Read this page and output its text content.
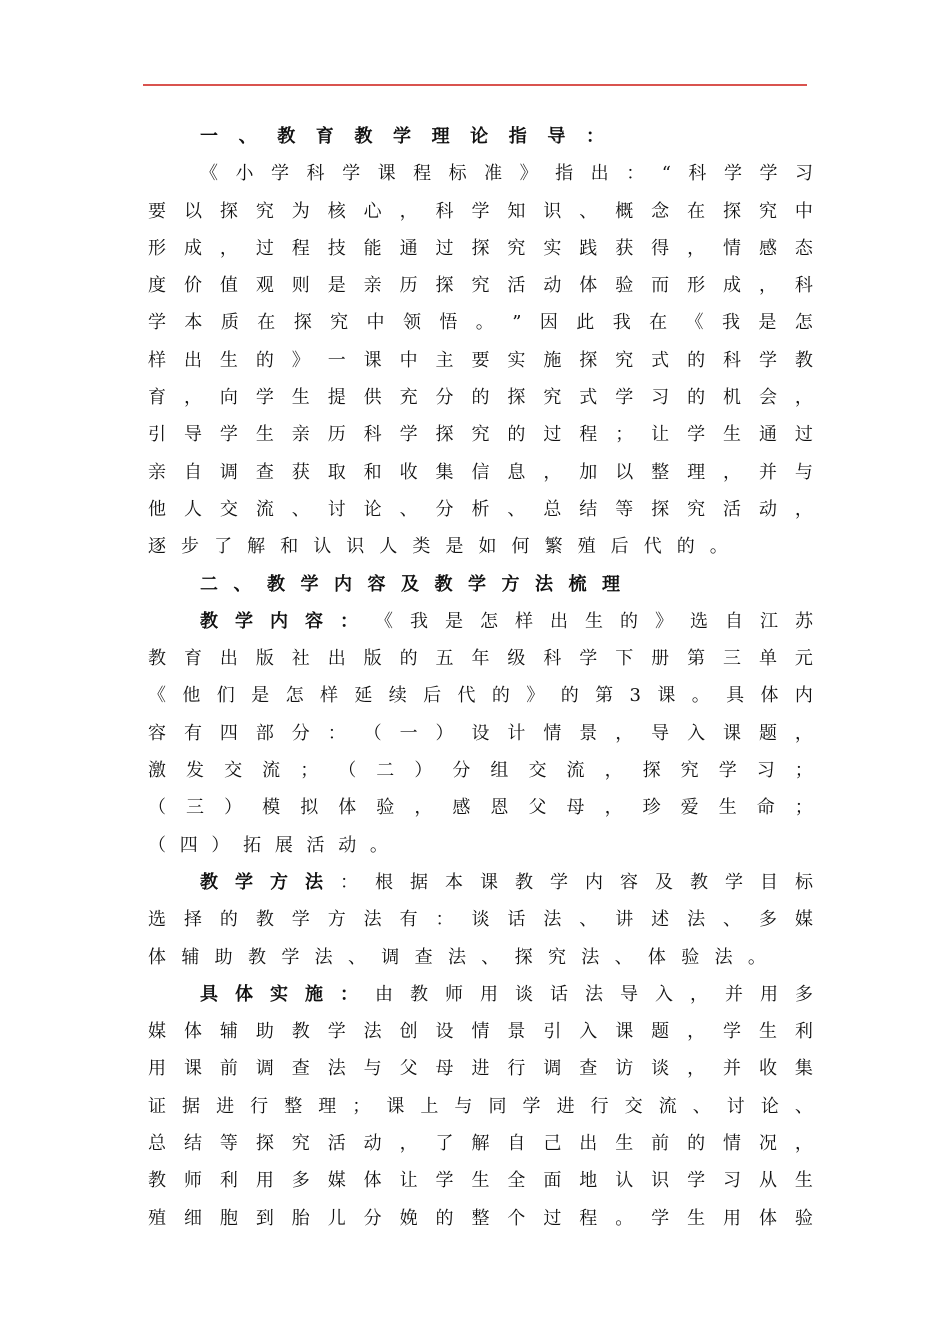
一 、 教 育 教 学 理 论 指 导 ：
《 小 学 科 学 课 程 标 准 》 指 出 ： “ 科 学 学 习
要 以 探 究 为 核 心 ， 科 学 知 识 、 概 念 在 探 究 中
形 成 ， 过 程 技 能 通 过 探 究 实 践 获 得 ， 情 感 态
度 价 值 观 则 是 亲 历 探 究 活 动 体 验 而 形 成 ， 科
学 本 质 在 探 究 中 领 悟 。 ” 因 此 我 在 《 我 是 怎
样 出 生 的 》 一 课 中 主 要 实 施 探 究 式 的 科 学 教
育 ， 向 学 生 提 供 充 分 的 探 究 式 学 习 的 机 会 ，
引 导 学 生 亲 历 科 学 探 究 的 过 程 ； 让 学 生 通 过
亲 自 调 查 获 取 和 收 集 信 息 ， 加 以 整 理 ， 并 与
他 人 交 流 、 讨 论 、 分 析 、 总 结 等 探 究 活 动 ，
逐 步 了 解 和 认 识 人 类 是 如 何 繁 殖 后 代 的 。
二 、 教 学 内 容 及 教 学 方 法 梳 理
教 学 内 容 ： 《 我 是 怎 样 出 生 的 》 选 自 江 苏
教 育 出 版 社 出 版 的 五 年 级 科 学 下 册 第 三 单 元
《 他 们 是 怎 样 延 续 后 代 的 》 的 第 3 课 。 具 体 内
容 有 四 部 分 ： （ 一 ） 设 计 情 景 ， 导 入 课 题 ，
激 发 交 流 ； （ 二 ） 分 组 交 流 ， 探 究 学 习 ；
（ 三 ） 模 拟 体 验 ， 感 恩 父 母 ， 珍 爱 生 命 ；
（ 四 ） 拓 展 活 动 。
教 学 方 法 ： 根 据 本 课 教 学 内 容 及 教 学 目 标
选 择 的 教 学 方 法 有 ： 谈 话 法 、 讲 述 法 、 多 媒
体 辅 助 教 学 法 、 调 查 法 、 探 究 法 、 体 验 法 。
具 体 实 施 ： 由 教 师 用 谈 话 法 导 入 ， 并 用 多
媒 体 辅 助 教 学 法 创 设 情 景 引 入 课 题 ， 学 生 利
用 课 前 调 查 法 与 父 母 进 行 调 查 访 谈 ， 并 收 集
证 据 进 行 整 理 ； 课 上 与 同 学 进 行 交 流 、 讨 论 、
总 结 等 探 究 活 动 ， 了 解 自 己 出 生 前 的 情 况 ，
教 师 利 用 多 媒 体 让 学 生 全 面 地 认 识 学 习 从 生
殖 细 胞 到 胎 儿 分 娩 的 整 个 过 程 。 学 生 用 体 验
